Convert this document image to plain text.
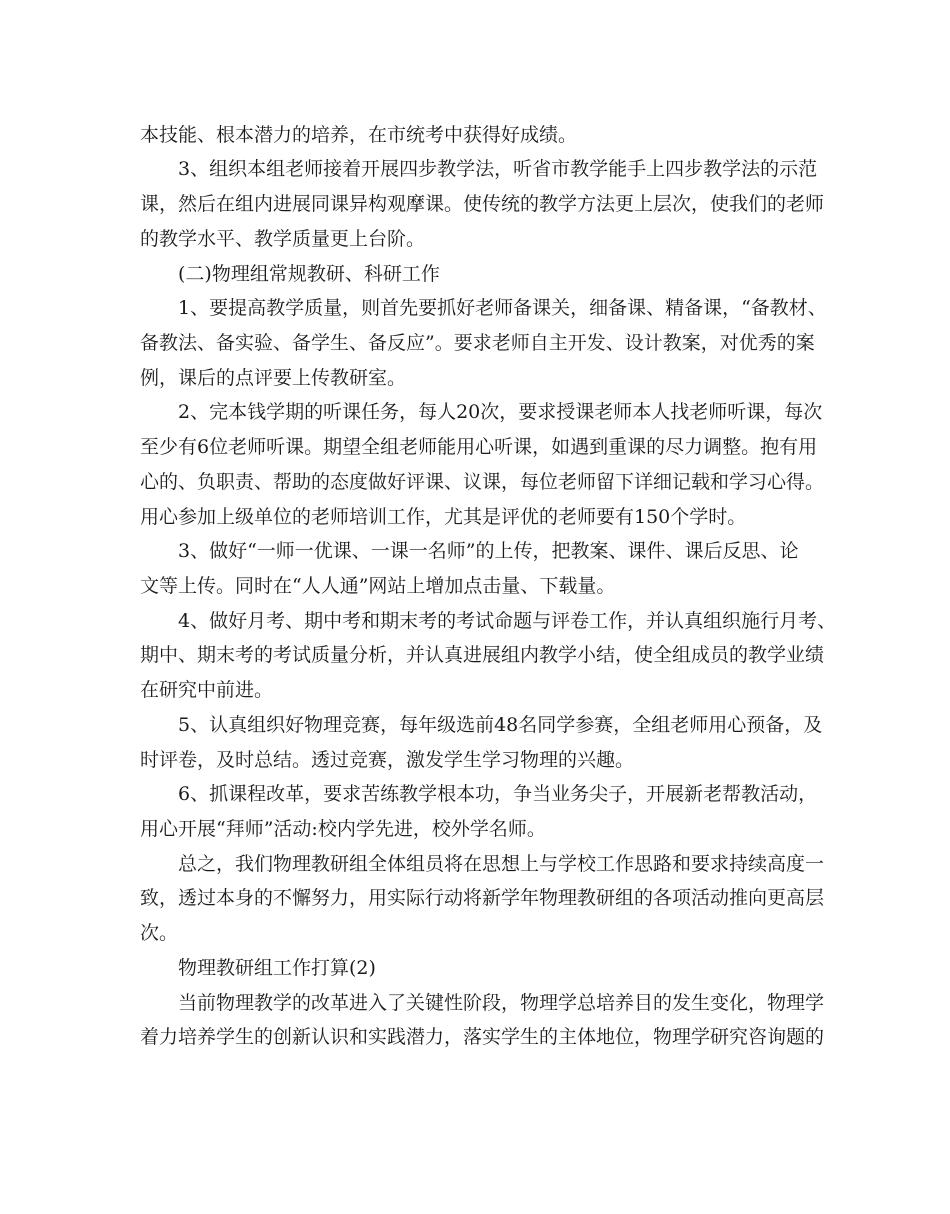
本技能、根本潜力的培养，在市统考中获得好成绩。
3、组织本组老师接着开展四步教学法，听省市教学能手上四步教学法的示范
课，然后在组内进展同课异构观摩课。使传统的教学方法更上层次，使我们的老师
的教学水平、教学质量更上台阶。
(二)物理组常规教研、科研工作
1、要提高教学质量，则首先要抓好老师备课关，细备课、精备课，“备教材、
备教法、备实验、备学生、备反应”。要求老师自主开发、设计教案，对优秀的案
例，课后的点评要上传教研室。
2、完本钱学期的听课任务，每人20次，要求授课老师本人找老师听课，每次
至少有6位老师听课。期望全组老师能用心听课，如遇到重课的尽力调整。抱有用
心的、负职责、帮助的态度做好评课、议课，每位老师留下详细记载和学习心得。
用心参加上级单位的老师培训工作，尤其是评优的老师要有150个学时。
3、做好“一师一优课、一课一名师”的上传，把教案、课件、课后反思、论
文等上传。同时在“人人通”网站上增加点击量、下载量。
4、做好月考、期中考和期末考的考试命题与评卷工作，并认真组织施行月考、
期中、期末考的考试质量分析，并认真进展组内教学小结，使全组成员的教学业绩
在研究中前进。
5、认真组织好物理竞赛，每年级选前48名同学参赛，全组老师用心预备，及
时评卷，及时总结。透过竞赛，激发学生学习物理的兴趣。
6、抓课程改革，要求苦练教学根本功，争当业务尖子，开展新老帮教活动，
用心开展“拜师”活动:校内学先进，校外学名师。
总之，我们物理教研组全体组员将在思想上与学校工作思路和要求持续高度一
致，透过本身的不懈努力，用实际行动将新学年物理教研组的各项活动推向更高层
次。
物理教研组工作打算(2)
当前物理教学的改革进入了关键性阶段，物理学总培养目的发生变化，物理学
着力培养学生的创新认识和实践潜力，落实学生的主体地位，物理学研究咨询题的
